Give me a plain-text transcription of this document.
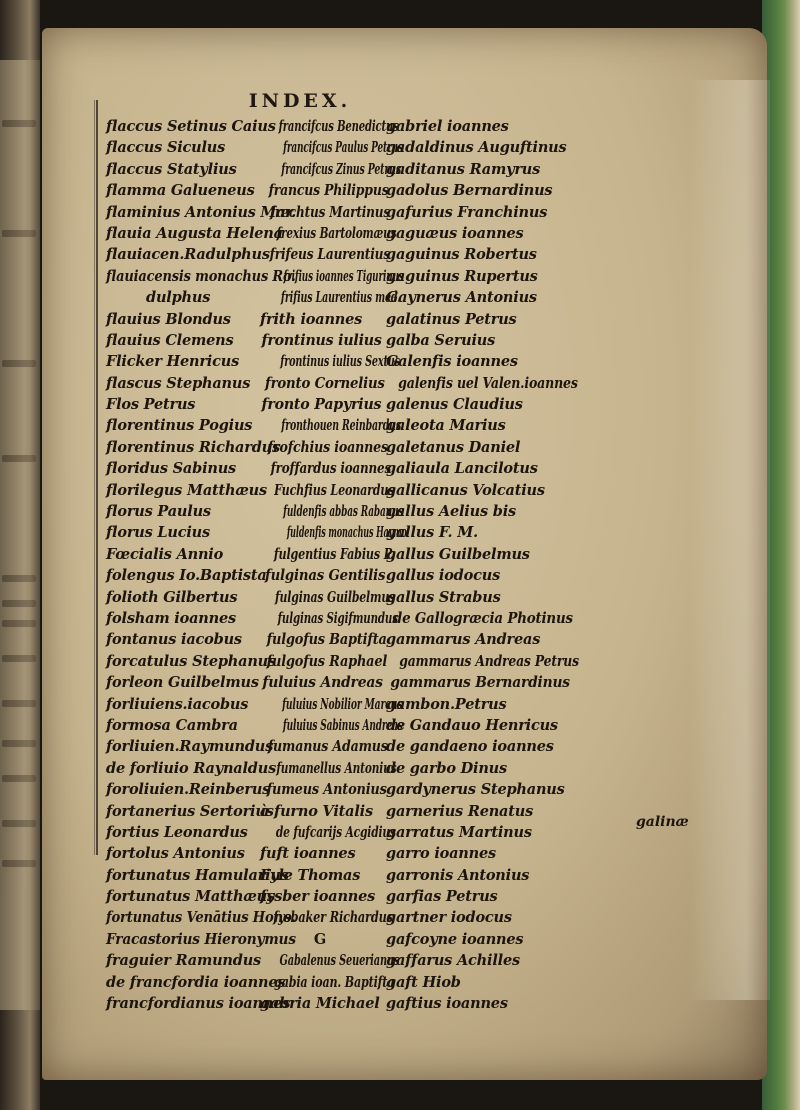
INDEX.
flaccus Setinus Caius
flaccus Siculus
flaccus Statylius
flamma Galueneus
flaminius Antonius Mar.
flauia Augusta Helena
flauiacen.Radulphus
flauiacensis monachus Ro.
dulphus
flauius Blondus
flauius Clemens
Flicker Henricus
flascus Stephanus
Flos Petrus
florentinus Pogius
florentinus Richardus
floridus Sabinus
florilegus Matthæus
florus Paulus
florus Lucius
Fœcialis Annio
folengus Io.Baptista
folioth Gilbertus
folsham ioannes
fontanus iacobus
forcatulus Stephanus
forleon Guilbelmus
forliuiens.iacobus
formosa Cambra
forliuien.Raymundus
de forliuio Raynaldus
foroliuien.Reinberus
fortanerius Sertorius.
fortius Leonardus
fortolus Antonius
fortunatus Hamularius
fortunatus Matthæus
fortunatus Venātius Hono.
Fracastorius Hieronymus
fraguier Ramundus
de francfordia ioannes
francfordianus ioannes
francifcus Benedictus
francifcus Paulus Petrus
francifcus Zinus Petrus
francus Philippus
frechtus Martinus
frexius Bartolomæus
frifeus Laurentius
frifius ioannes Tigurinus
frifius Laurentius med.
frith ioannes
frontinus iulius
frontinus iulius Sextus
fronto Cornelius
fronto Papyrius
fronthouen Reinbardus
frofchius ioannes
froffardus ioannes
Fuchfius Leonardus
fuldenfis abbas Rabanus
fuldenfis monachus Haymo
fulgentius Fabius P.
fulginas Gentilis
fulginas Guilbelmus
fulginas Sigifmundus
fulgofus Baptifta
fulgofus Raphael
fuluius Andreas
fuluius Nobilior Marcus
fuluius Sabinus Andreas
fumanus Adamus
fumanellus Antonius
fumeus Antonius
à furno Vitalis
de fufcarijs Acgidius
fuft ioannes
Fyle Thomas
fysber ioannes
fysbaker Richardus
G
Gabalenus Seuerianus
gabia ioan. Baptifta
gabria Michael
gabriel ioannes
gadaldinus Auguftinus
gaditanus Ramyrus
gadolus Bernardinus
gafurius Franchinus
gaguæus ioannes
gaguinus Robertus
gaguinus Rupertus
Gaynerus Antonius
galatinus Petrus
galba Seruius
Galenfis ioannes
galenfis uel Valen.ioannes
galenus Claudius
galeota Marius
galetanus Daniel
galiaula Lancilotus
gallicanus Volcatius
gallus Aelius bis
gallus F. M.
gallus Guilbelmus
gallus iodocus
gallus Strabus
de Gallogræcia Photinus
gammarus Andreas
gammarus Andreas Petrus
gammarus Bernardinus
gambon.Petrus
de Gandauo Henricus
de gandaeno ioannes
de garbo Dinus
gardynerus Stephanus
garnerius Renatus
garratus Martinus
garro ioannes
garronis Antonius
garfias Petrus
gartner iodocus
gafcoyne ioannes
gaffarus Achilles
gaft Hiob
gaftius ioannes
galinæ
